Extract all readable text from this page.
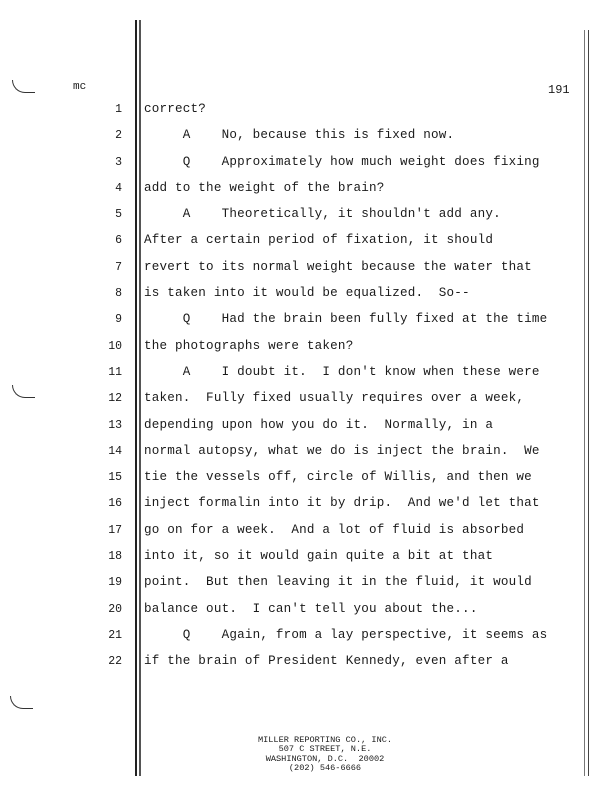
mc	191
1 correct?
2 A    No, because this is fixed now.
3 Q    Approximately how much weight does fixing
4 add to the weight of the brain?
5 A    Theoretically, it shouldn't add any.
6 After a certain period of fixation, it should
7 revert to its normal weight because the water that
8 is taken into it would be equalized.  So--
9 Q    Had the brain been fully fixed at the time
10 the photographs were taken?
11 A    I doubt it.  I don't know when these were
12 taken.  Fully fixed usually requires over a week,
13 depending upon how you do it.  Normally, in a
14 normal autopsy, what we do is inject the brain.  We
15 tie the vessels off, circle of Willis, and then we
16 inject formalin into it by drip.  And we'd let that
17 go on for a week.  And a lot of fluid is absorbed
18 into it, so it would gain quite a bit at that
19 point.  But then leaving it in the fluid, it would
20 balance out.  I can't tell you about the...
21 Q    Again, from a lay perspective, it seems as
22 if the brain of President Kennedy, even after a
MILLER REPORTING CO., INC.
507 C STREET, N.E.
WASHINGTON, D.C.  20002
(202) 546-6666
